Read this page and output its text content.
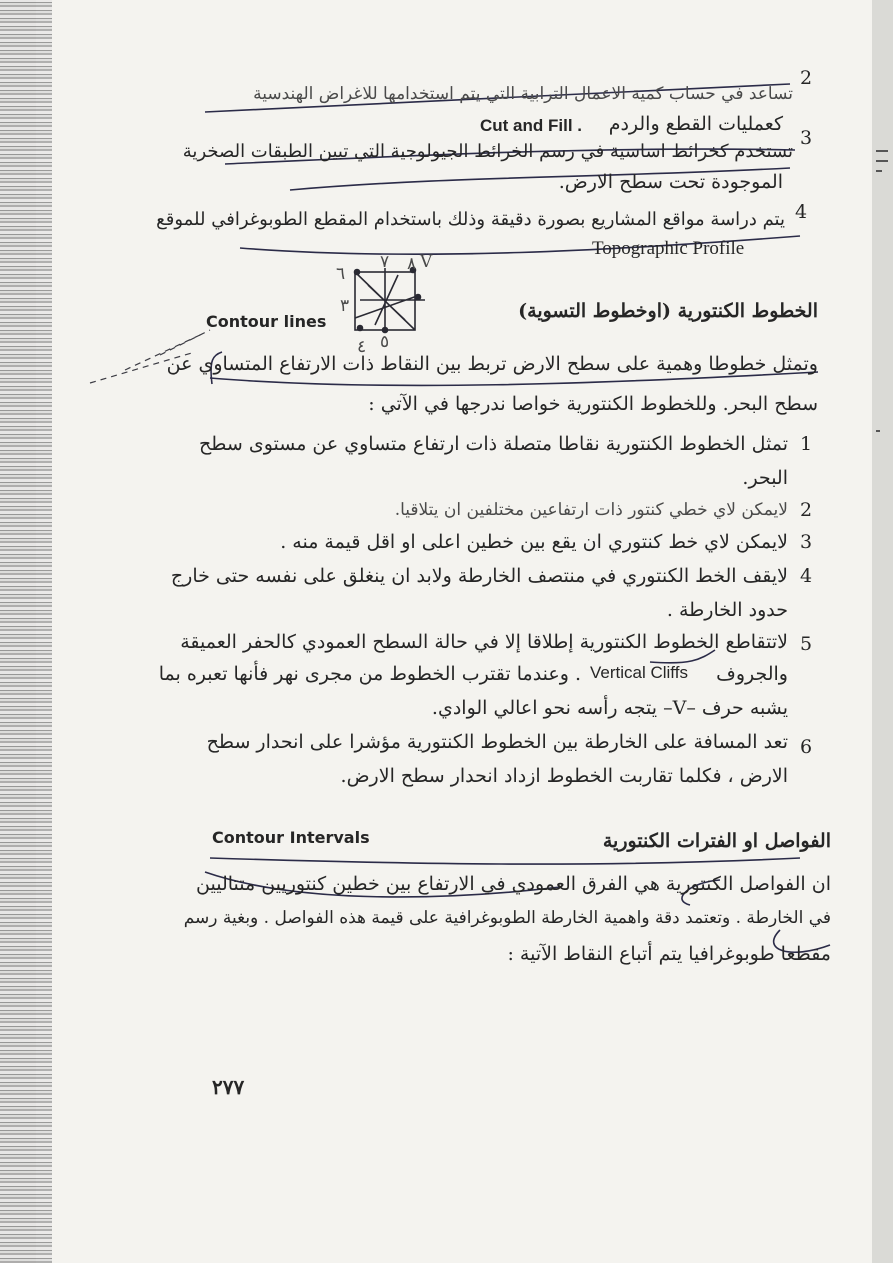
٦
٧ ٨
٥
٤
٣
V
2
تساعد في حساب كمية الاعمال الترابية التي يتم استخدامها للاغراض الهندسية
كعمليات القطع والردم
Cut and Fill .
3
تستخدم كخرائط اساسية في رسم الخرائط الجيولوجية التي تبين الطبقات الصخرية
الموجودة تحت سطح الارض.
4
يتم دراسة مواقع المشاريع بصورة دقيقة وذلك باستخدام المقطع الطوبوغرافي للموقع
Topographic Profile
Contour lines	الخطوط الكنتورية (اوخطوط التسوية)
وتمثل خطوطا وهمية على سطح الارض تربط بين النقاط ذات الارتفاع المتساوي عن
سطح البحر. وللخطوط الكنتورية خواصا ندرجها في الآتي :
1
تمثل الخطوط الكنتورية نقاطا متصلة ذات ارتفاع متساوي عن مستوى سطح
البحر.
2
لايمكن لاي خطي كنتور ذات ارتفاعين مختلفين ان يتلاقيا.
3
لايمكن لاي خط كنتوري ان يقع بين خطين اعلى او اقل قيمة منه .
4
لايقف الخط الكنتوري في منتصف الخارطة ولابد ان ينغلق على نفسه حتى خارج
حدود الخارطة .
5
لاتتقاطع الخطوط الكنتورية إطلاقا إلا في حالة السطح العمودي كالحفر العميقة
والجروف
Vertical Cliffs
. وعندما تقترب الخطوط من مجرى نهر فأنها تعبره بما
يشبه حرف –V– يتجه رأسه نحو اعالي الوادي.
6
تعد المسافة على الخارطة بين الخطوط الكنتورية مؤشرا على انحدار سطح
الارض ، فكلما تقاربت الخطوط ازداد انحدار سطح الارض.
Contour Intervals	الفواصل او الفترات الكنتورية
ان الفواصل الكنتورية هي الفرق العمودي في الارتفاع بين خطين كنتوريين متتاليين
في الخارطة . وتعتمد دقة واهمية الخارطة الطوبوغرافية على قيمة هذه الفواصل . وبغية رسم
مقطعا طوبوغرافيا يتم أتباع النقاط الآتية :
٢٧٧
